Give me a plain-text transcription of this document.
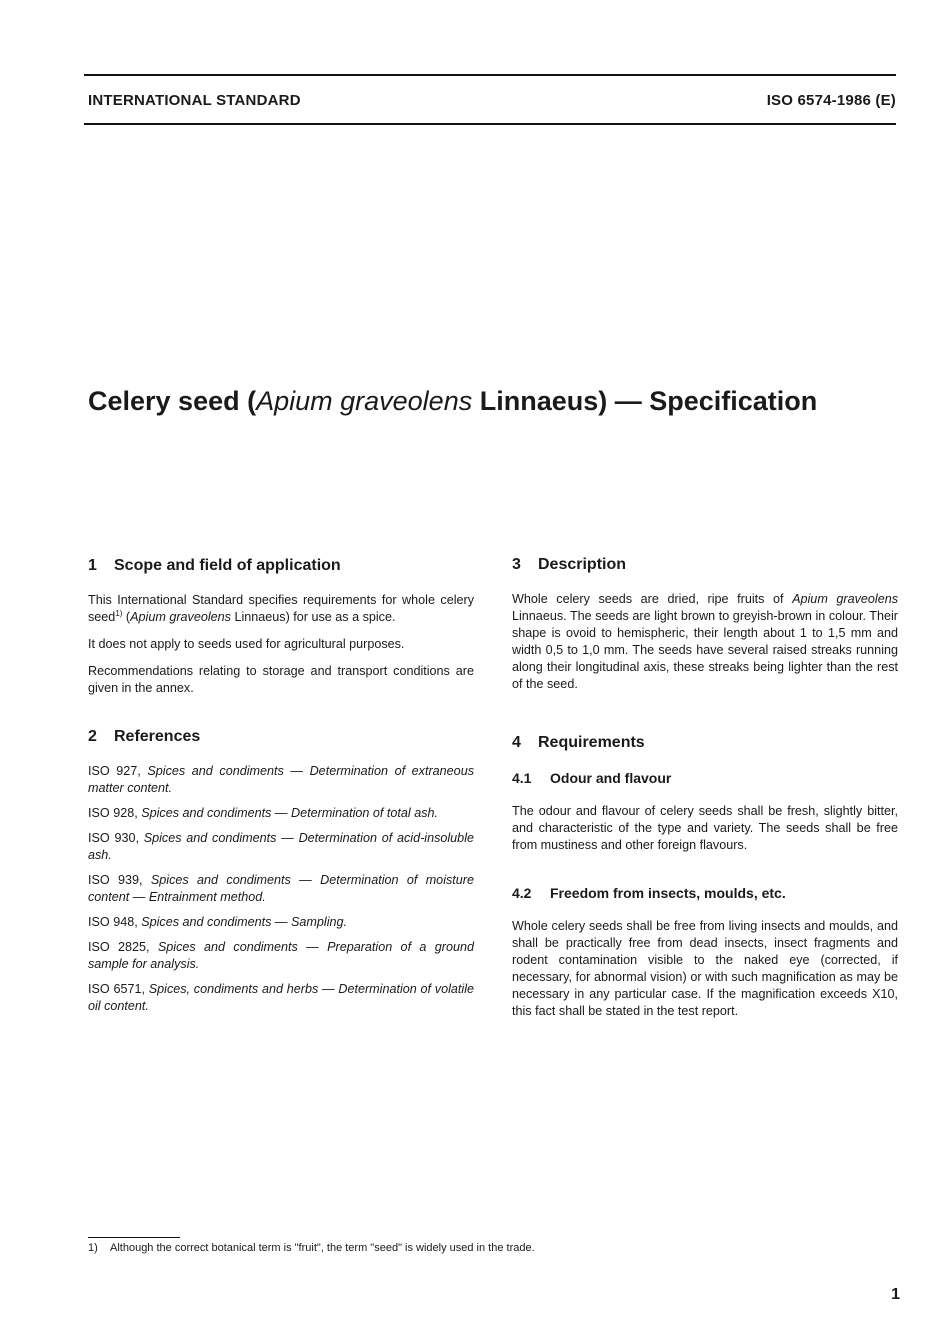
INTERNATIONAL STANDARD	ISO 6574-1986 (E)
Celery seed (Apium graveolens Linnaeus) — Specification
1 Scope and field of application

This International Standard specifies requirements for whole celery seed$^{1)}$ (Apium graveolens Linnaeus) for use as a spice.

It does not apply to seeds used for agricultural purposes.

Recommendations relating to storage and transport conditions are given in the annex.

2 References
ISO 927, Spices and condiments — Determination of extraneous matter content.
ISO 928, Spices and condiments — Determination of total ash.
ISO 930, Spices and condiments — Determination of acid-insoluble ash.
ISO 939, Spices and condiments — Determination of moisture content — Entrainment method.
ISO 948, Spices and condiments — Sampling.
ISO 2825, Spices and condiments — Preparation of a ground sample for analysis.
ISO 6571, Spices, condiments and herbs — Determination of volatile oil content.
3 Description

Whole celery seeds are dried, ripe fruits of Apium graveolens Linnaeus. The seeds are light brown to greyish-brown in colour. Their shape is ovoid to hemispheric, their length about 1 to 1,5 mm and width 0,5 to 1,0 mm. The seeds have several raised streaks running along their longitudinal axis, these streaks being lighter than the rest of the seed.

4 Requirements
4.1 Odour and flavour

The odour and flavour of celery seeds shall be fresh, slightly bitter, and characteristic of the type and variety. The seeds shall be free from mustiness and other foreign flavours.

4.2 Freedom from insects, moulds, etc.

Whole celery seeds shall be free from living insects and moulds, and shall be practically free from dead insects, insect fragments and rodent contamination visible to the naked eye (corrected, if necessary, for abnormal vision) or with such magnification as may be necessary in any particular case. If the magnification exceeds X10, this fact shall be stated in the test report.

1) Although the correct botanical term is "fruit", the term "seed" is widely used in the trade.
1
